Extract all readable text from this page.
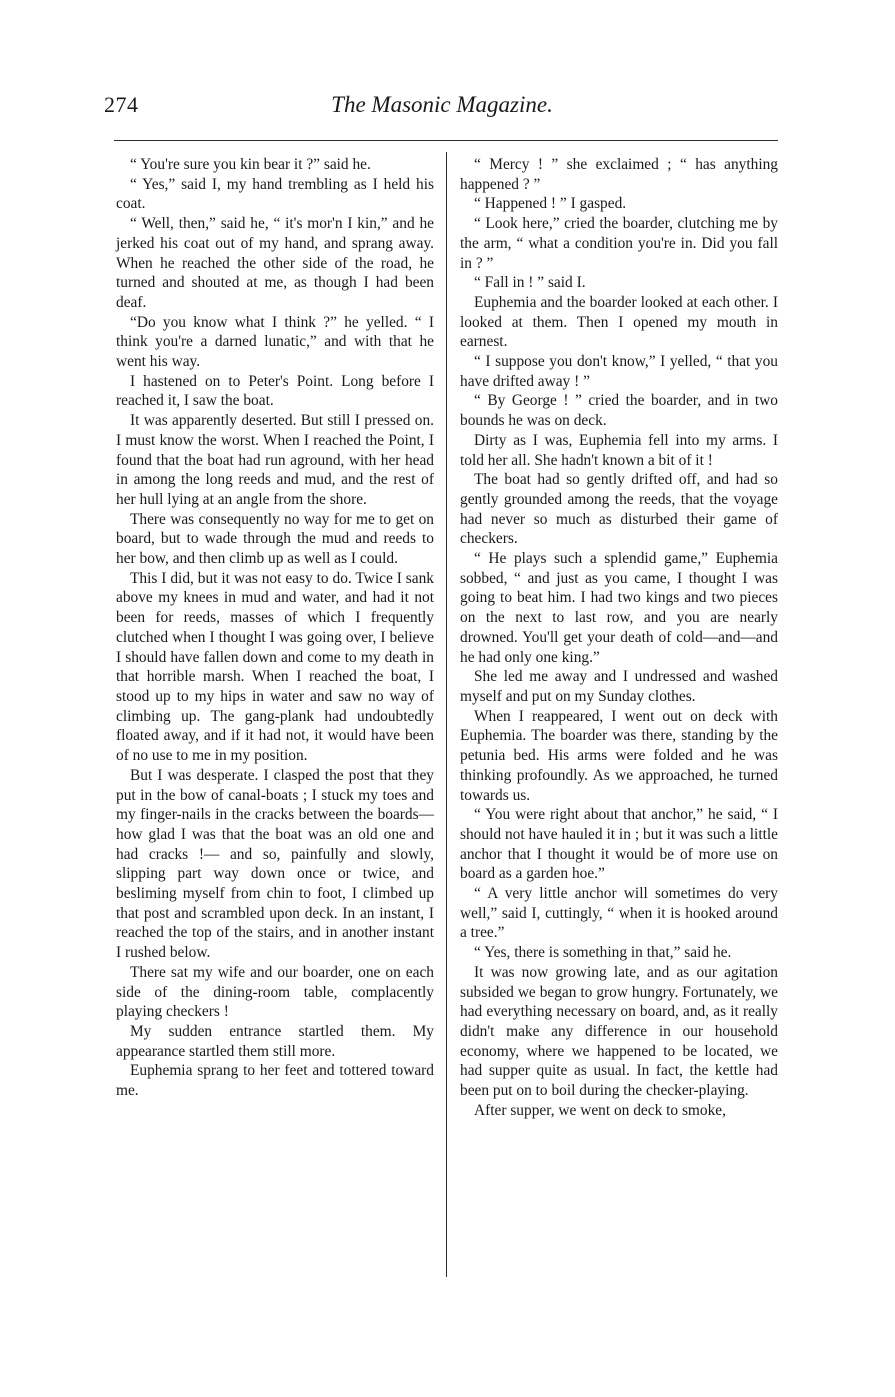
274	The Masonic Magazine.

“ You're sure you kin bear it ?” said he.

“ Yes,” said I, my hand trembling as I held his coat.

“ Well, then,” said he, “ it's mor'n I kin,” and he jerked his coat out of my hand, and sprang away. When he reached the other side of the road, he turned and shouted at me, as though I had been deaf.

“Do you know what I think ?” he yelled. “ I think you're a darned lunatic,” and with that he went his way.

I hastened on to Peter's Point. Long before I reached it, I saw the boat.

It was apparently deserted. But still I pressed on. I must know the worst. When I reached the Point, I found that the boat had run aground, with her head in among the long reeds and mud, and the rest of her hull lying at an angle from the shore.

There was consequently no way for me to get on board, but to wade through the mud and reeds to her bow, and then climb up as well as I could.

This I did, but it was not easy to do. Twice I sank above my knees in mud and water, and had it not been for reeds, masses of which I frequently clutched when I thought I was going over, I believe I should have fallen down and come to my death in that horrible marsh. When I reached the boat, I stood up to my hips in water and saw no way of climbing up. The gang-plank had undoubtedly floated away, and if it had not, it would have been of no use to me in my position.

But I was desperate. I clasped the post that they put in the bow of canal-boats ; I stuck my toes and my finger-nails in the cracks between the boards—how glad I was that the boat was an old one and had cracks !— and so, painfully and slowly, slipping part way down once or twice, and besliming myself from chin to foot, I climbed up that post and scrambled upon deck. In an instant, I reached the top of the stairs, and in another instant I rushed below.

There sat my wife and our boarder, one on each side of the dining-room table, complacently playing checkers !

My sudden entrance startled them. My appearance startled them still more.

Euphemia sprang to her feet and tottered toward me.

“ Mercy ! ” she exclaimed ; “ has anything happened ? ”

“ Happened ! ” I gasped.

“ Look here,” cried the boarder, clutching me by the arm, “ what a condition you're in. Did you fall in ? ”

“ Fall in ! ” said I.

Euphemia and the boarder looked at each other. I looked at them. Then I opened my mouth in earnest.

“ I suppose you don't know,” I yelled, “ that you have drifted away ! ”

“ By George ! ” cried the boarder, and in two bounds he was on deck.

Dirty as I was, Euphemia fell into my arms. I told her all. She hadn't known a bit of it !

The boat had so gently drifted off, and had so gently grounded among the reeds, that the voyage had never so much as disturbed their game of checkers.

“ He plays such a splendid game,” Euphemia sobbed, “ and just as you came, I thought I was going to beat him. I had two kings and two pieces on the next to last row, and you are nearly drowned. You'll get your death of cold—and—and he had only one king.”

She led me away and I undressed and washed myself and put on my Sunday clothes.

When I reappeared, I went out on deck with Euphemia. The boarder was there, standing by the petunia bed. His arms were folded and he was thinking profoundly. As we approached, he turned towards us.

“ You were right about that anchor,” he said, “ I should not have hauled it in ; but it was such a little anchor that I thought it would be of more use on board as a garden hoe.”

“ A very little anchor will sometimes do very well,” said I, cuttingly, “ when it is hooked around a tree.”

“ Yes, there is something in that,” said he.

It was now growing late, and as our agitation subsided we began to grow hungry. Fortunately, we had everything necessary on board, and, as it really didn't make any difference in our household economy, where we happened to be located, we had supper quite as usual. In fact, the kettle had been put on to boil during the checker-playing.

After supper, we went on deck to smoke,
